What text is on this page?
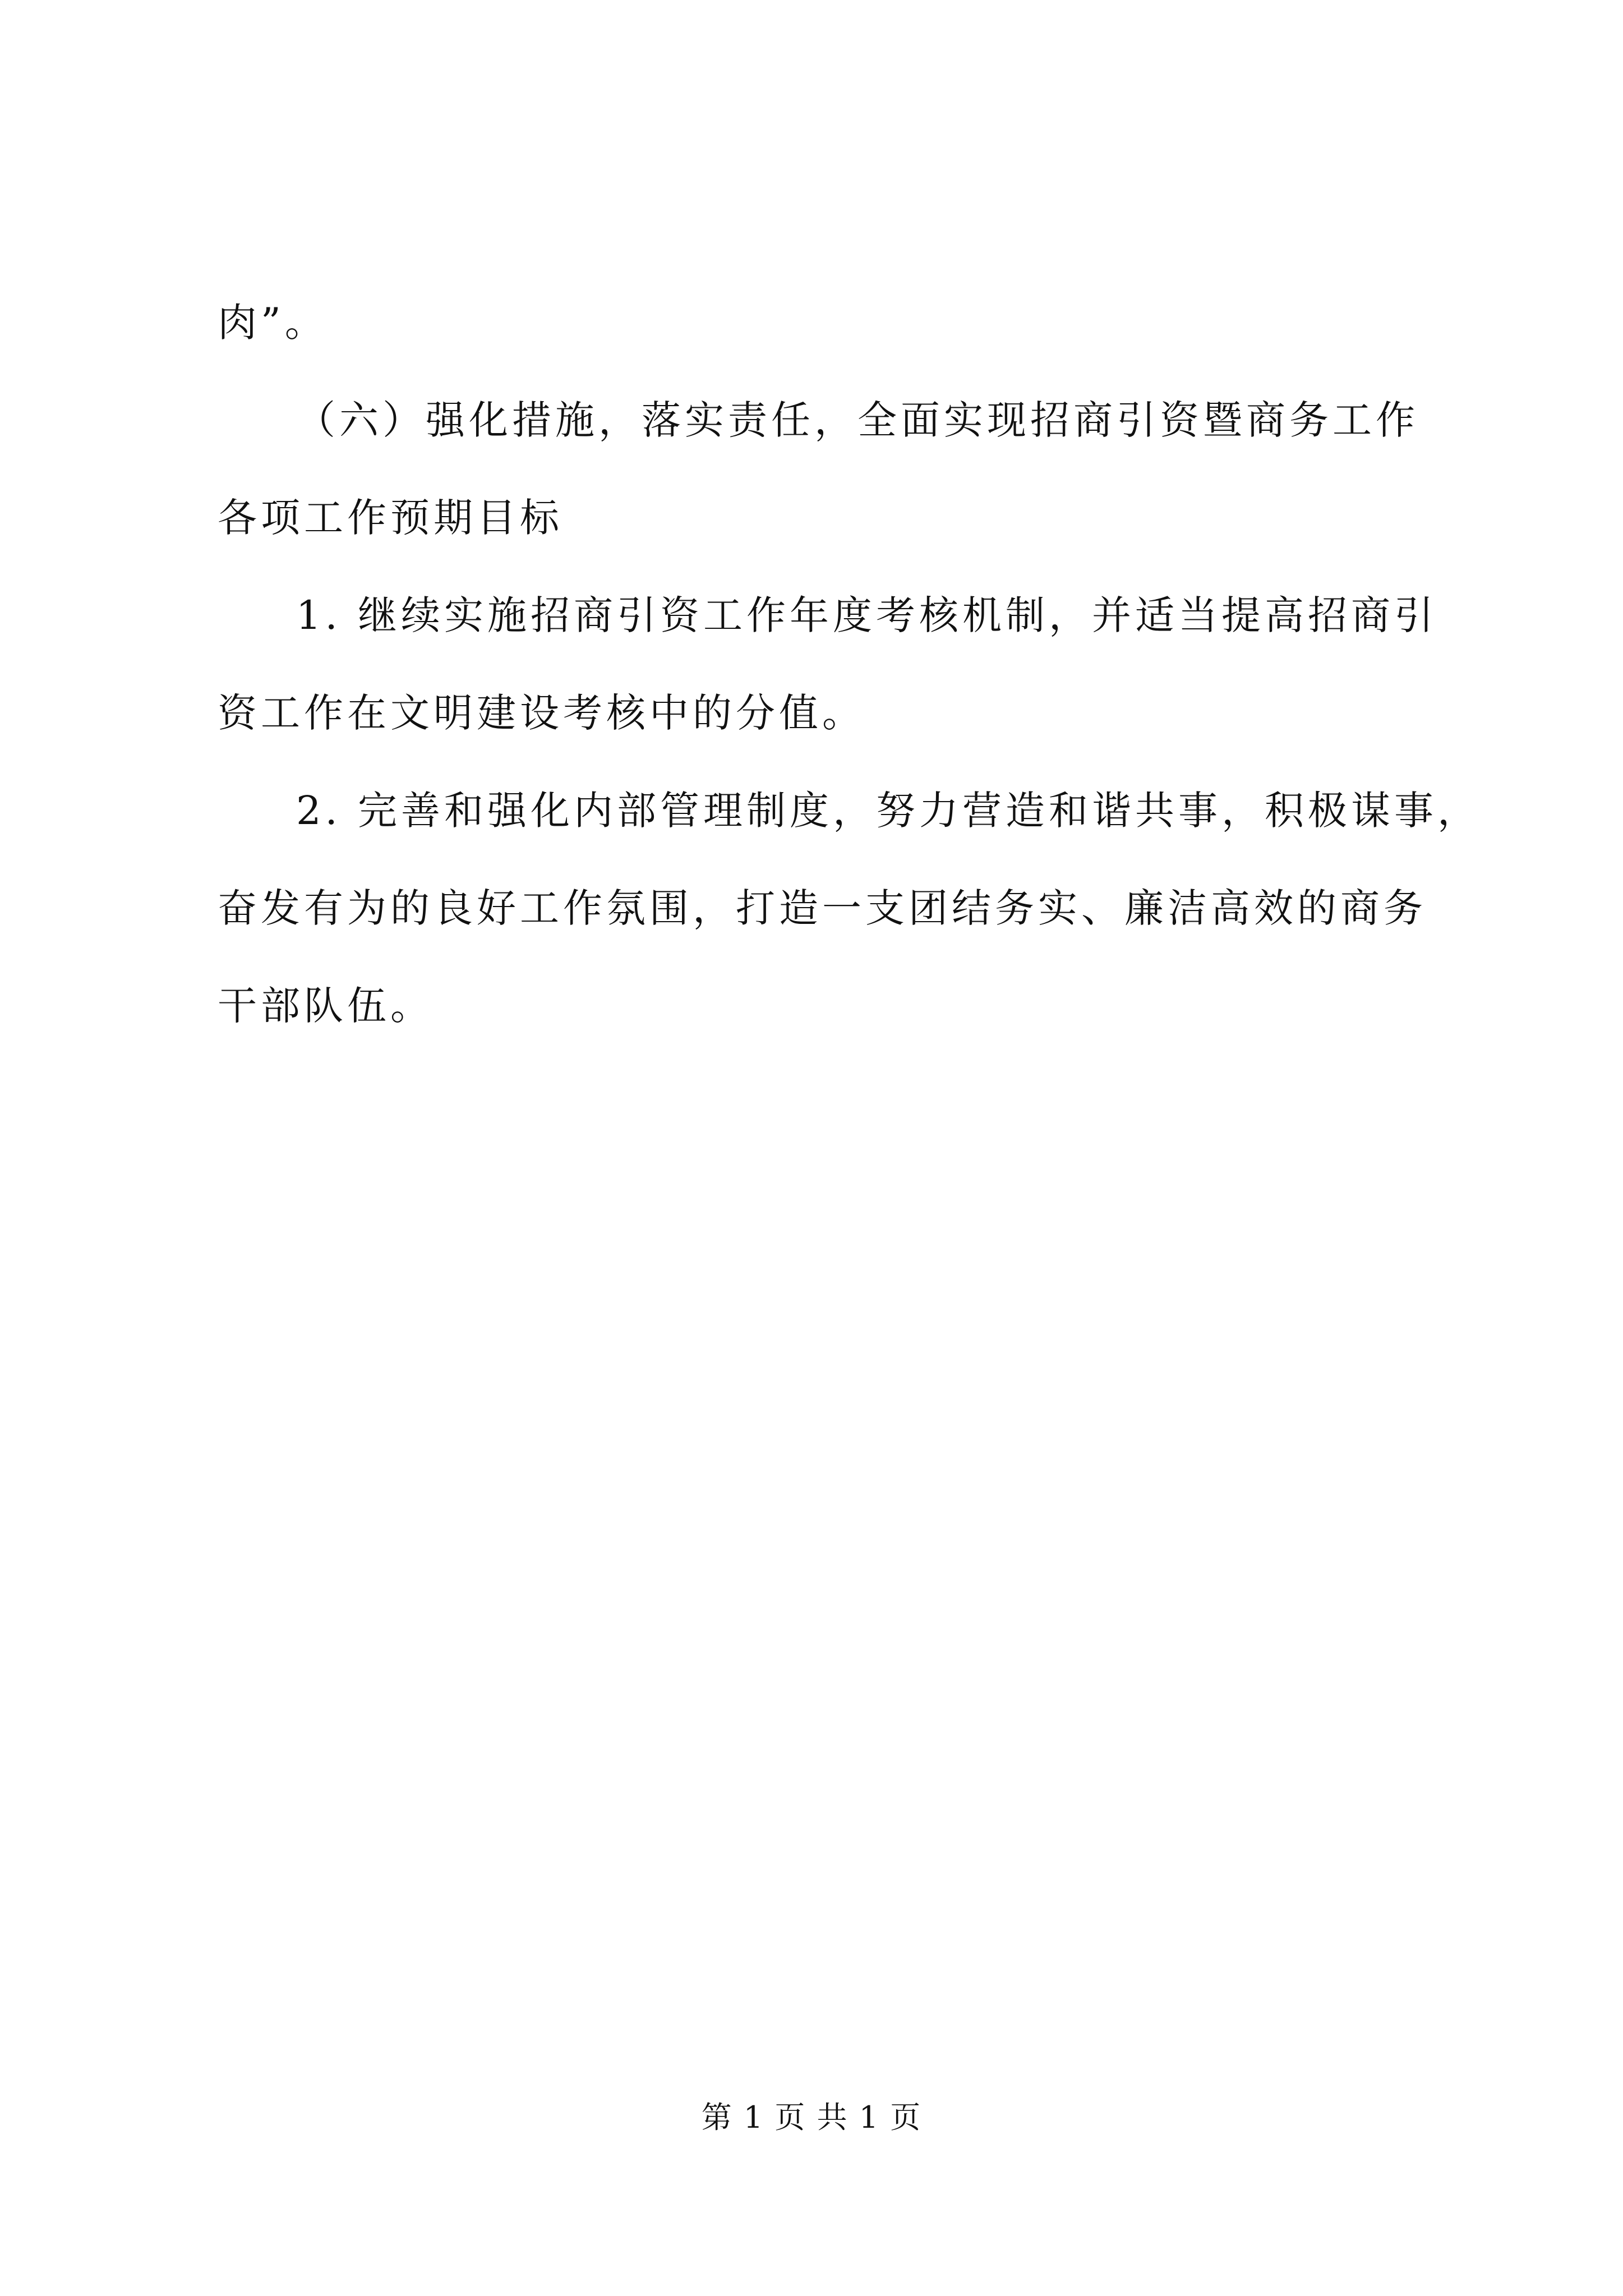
肉”。
（六）强化措施，落实责任，全面实现招商引资暨商务工作
各项工作预期目标
1. 继续实施招商引资工作年度考核机制，并适当提高招商引
资工作在文明建设考核中的分值。
2. 完善和强化内部管理制度，努力营造和谐共事，积极谋事，
奋发有为的良好工作氛围，打造一支团结务实、廉洁高效的商务
干部队伍。
第 1 页 共 1 页
